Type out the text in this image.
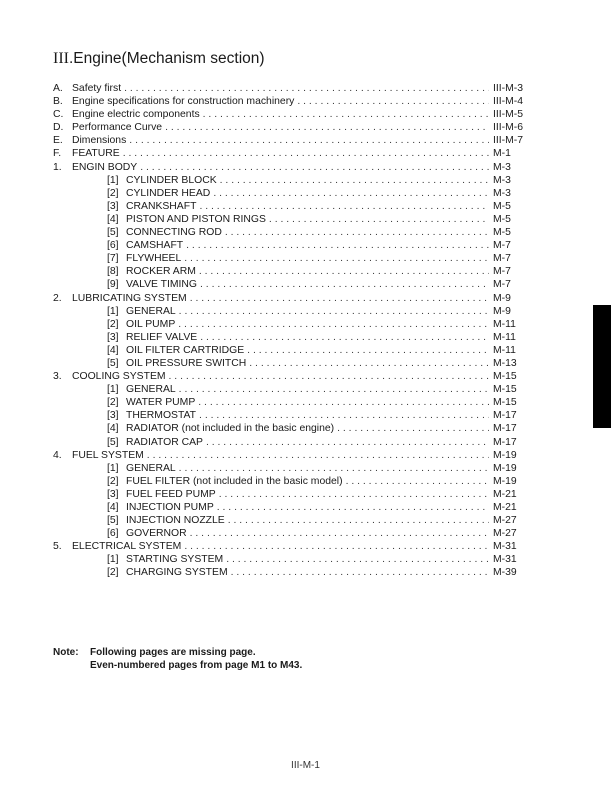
III.Engine(Mechanism section)
A. Safety first . . .	III-M-3
B. Engine specifications for construction machinery . . .	III-M-4
C. Engine electric components . . .	III-M-5
D. Performance Curve . . .	III-M-6
E. Dimensions . . .	III-M-7
F.	FEATURE . . .	M-1
1. ENGIN BODY . . .	M-3
[1] CYLINDER BLOCK . . .	M-3
[2] CYLINDER HEAD . . .	M-3
[3] CRANKSHAFT . . .	M-5
[4] PISTON AND PISTON RINGS . . .	M-5
[5] CONNECTING ROD . . .	M-5
[6] CAMSHAFT . . .	M-7
[7] FLYWHEEL . . .	M-7
[8] ROCKER ARM . . .	M-7
[9] VALVE TIMING . . .	M-7
2. LUBRICATING SYSTEM . . .	M-9
[1] GENERAL . . .	M-9
[2] OIL PUMP . . .	M-11
[3] RELIEF VALVE . . .	M-11
[4] OIL FILTER CARTRIDGE . . .	M-11
[5] OIL PRESSURE SWITCH . . .	M-13
3. COOLING SYSTEM . . .	M-15
[1] GENERAL . . .	M-15
[2] WATER PUMP . . .	M-15
[3] THERMOSTAT . . .	M-17
[4] RADIATOR (not included in the basic engine) . . .	M-17
[5] RADIATOR CAP . . .	M-17
4. FUEL SYSTEM . . .	M-19
[1] GENERAL . . .	M-19
[2] FUEL FILTER (not included in the basic model) . . .	M-19
[3] FUEL FEED PUMP . . .	M-21
[4] INJECTION PUMP . . .	M-21
[5] INJECTION NOZZLE . . .	M-27
[6] GOVERNOR . . .	M-27
5. ELECTRICAL SYSTEM . . .	M-31
[1] STARTING SYSTEM . . .	M-31
[2] CHARGING SYSTEM . . .	M-39
Note: Following pages are missing page.
Even-numbered pages from page M1 to M43.
III-M-1
